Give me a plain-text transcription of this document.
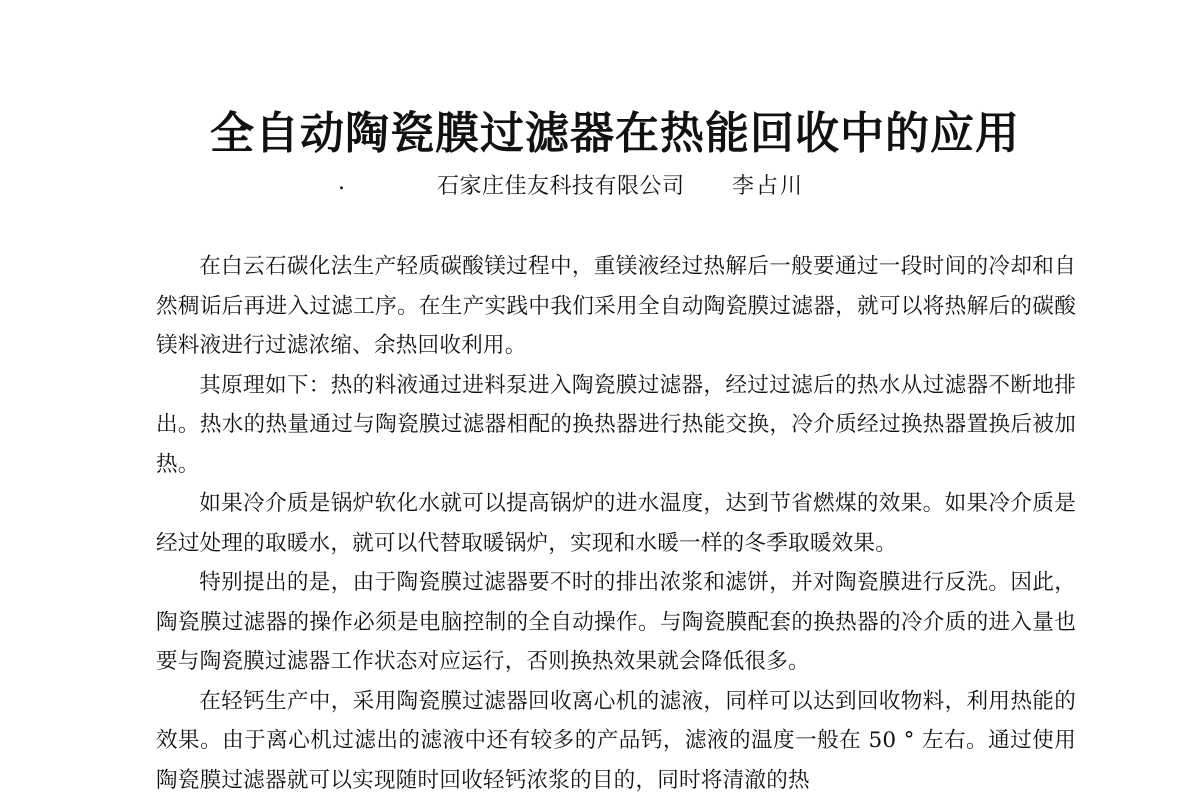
全自动陶瓷膜过滤器在热能回收中的应用
.	石家庄佳友科技有限公司 李占川

在白云石碳化法生产轻质碳酸镁过程中，重镁液经过热解后一般要通过一段时间的冷却和自然稠诟后再进入过滤工序。在生产实践中我们采用全自动陶瓷膜过滤器，就可以将热解后的碳酸镁料液进行过滤浓缩、余热回收利用。

其原理如下：热的料液通过进料泵进入陶瓷膜过滤器，经过过滤后的热水从过滤器不断地排出。热水的热量通过与陶瓷膜过滤器相配的换热器进行热能交换，冷介质经过换热器置换后被加热。

如果冷介质是锅炉软化水就可以提高锅炉的进水温度，达到节省燃煤的效果。如果冷介质是经过处理的取暖水，就可以代替取暖锅炉，实现和水暖一样的冬季取暖效果。

特别提出的是，由于陶瓷膜过滤器要不时的排出浓浆和滤饼，并对陶瓷膜进行反洗。因此，陶瓷膜过滤器的操作必须是电脑控制的全自动操作。与陶瓷膜配套的换热器的冷介质的进入量也要与陶瓷膜过滤器工作状态对应运行，否则换热效果就会降低很多。

在轻钙生产中，采用陶瓷膜过滤器回收离心机的滤液，同样可以达到回收物料，利用热能的效果。由于离心机过滤出的滤液中还有较多的产品钙，滤液的温度一般在 50 ° 左右。通过使用陶瓷膜过滤器就可以实现随时回收轻钙浓浆的目的，同时将清澈的热
